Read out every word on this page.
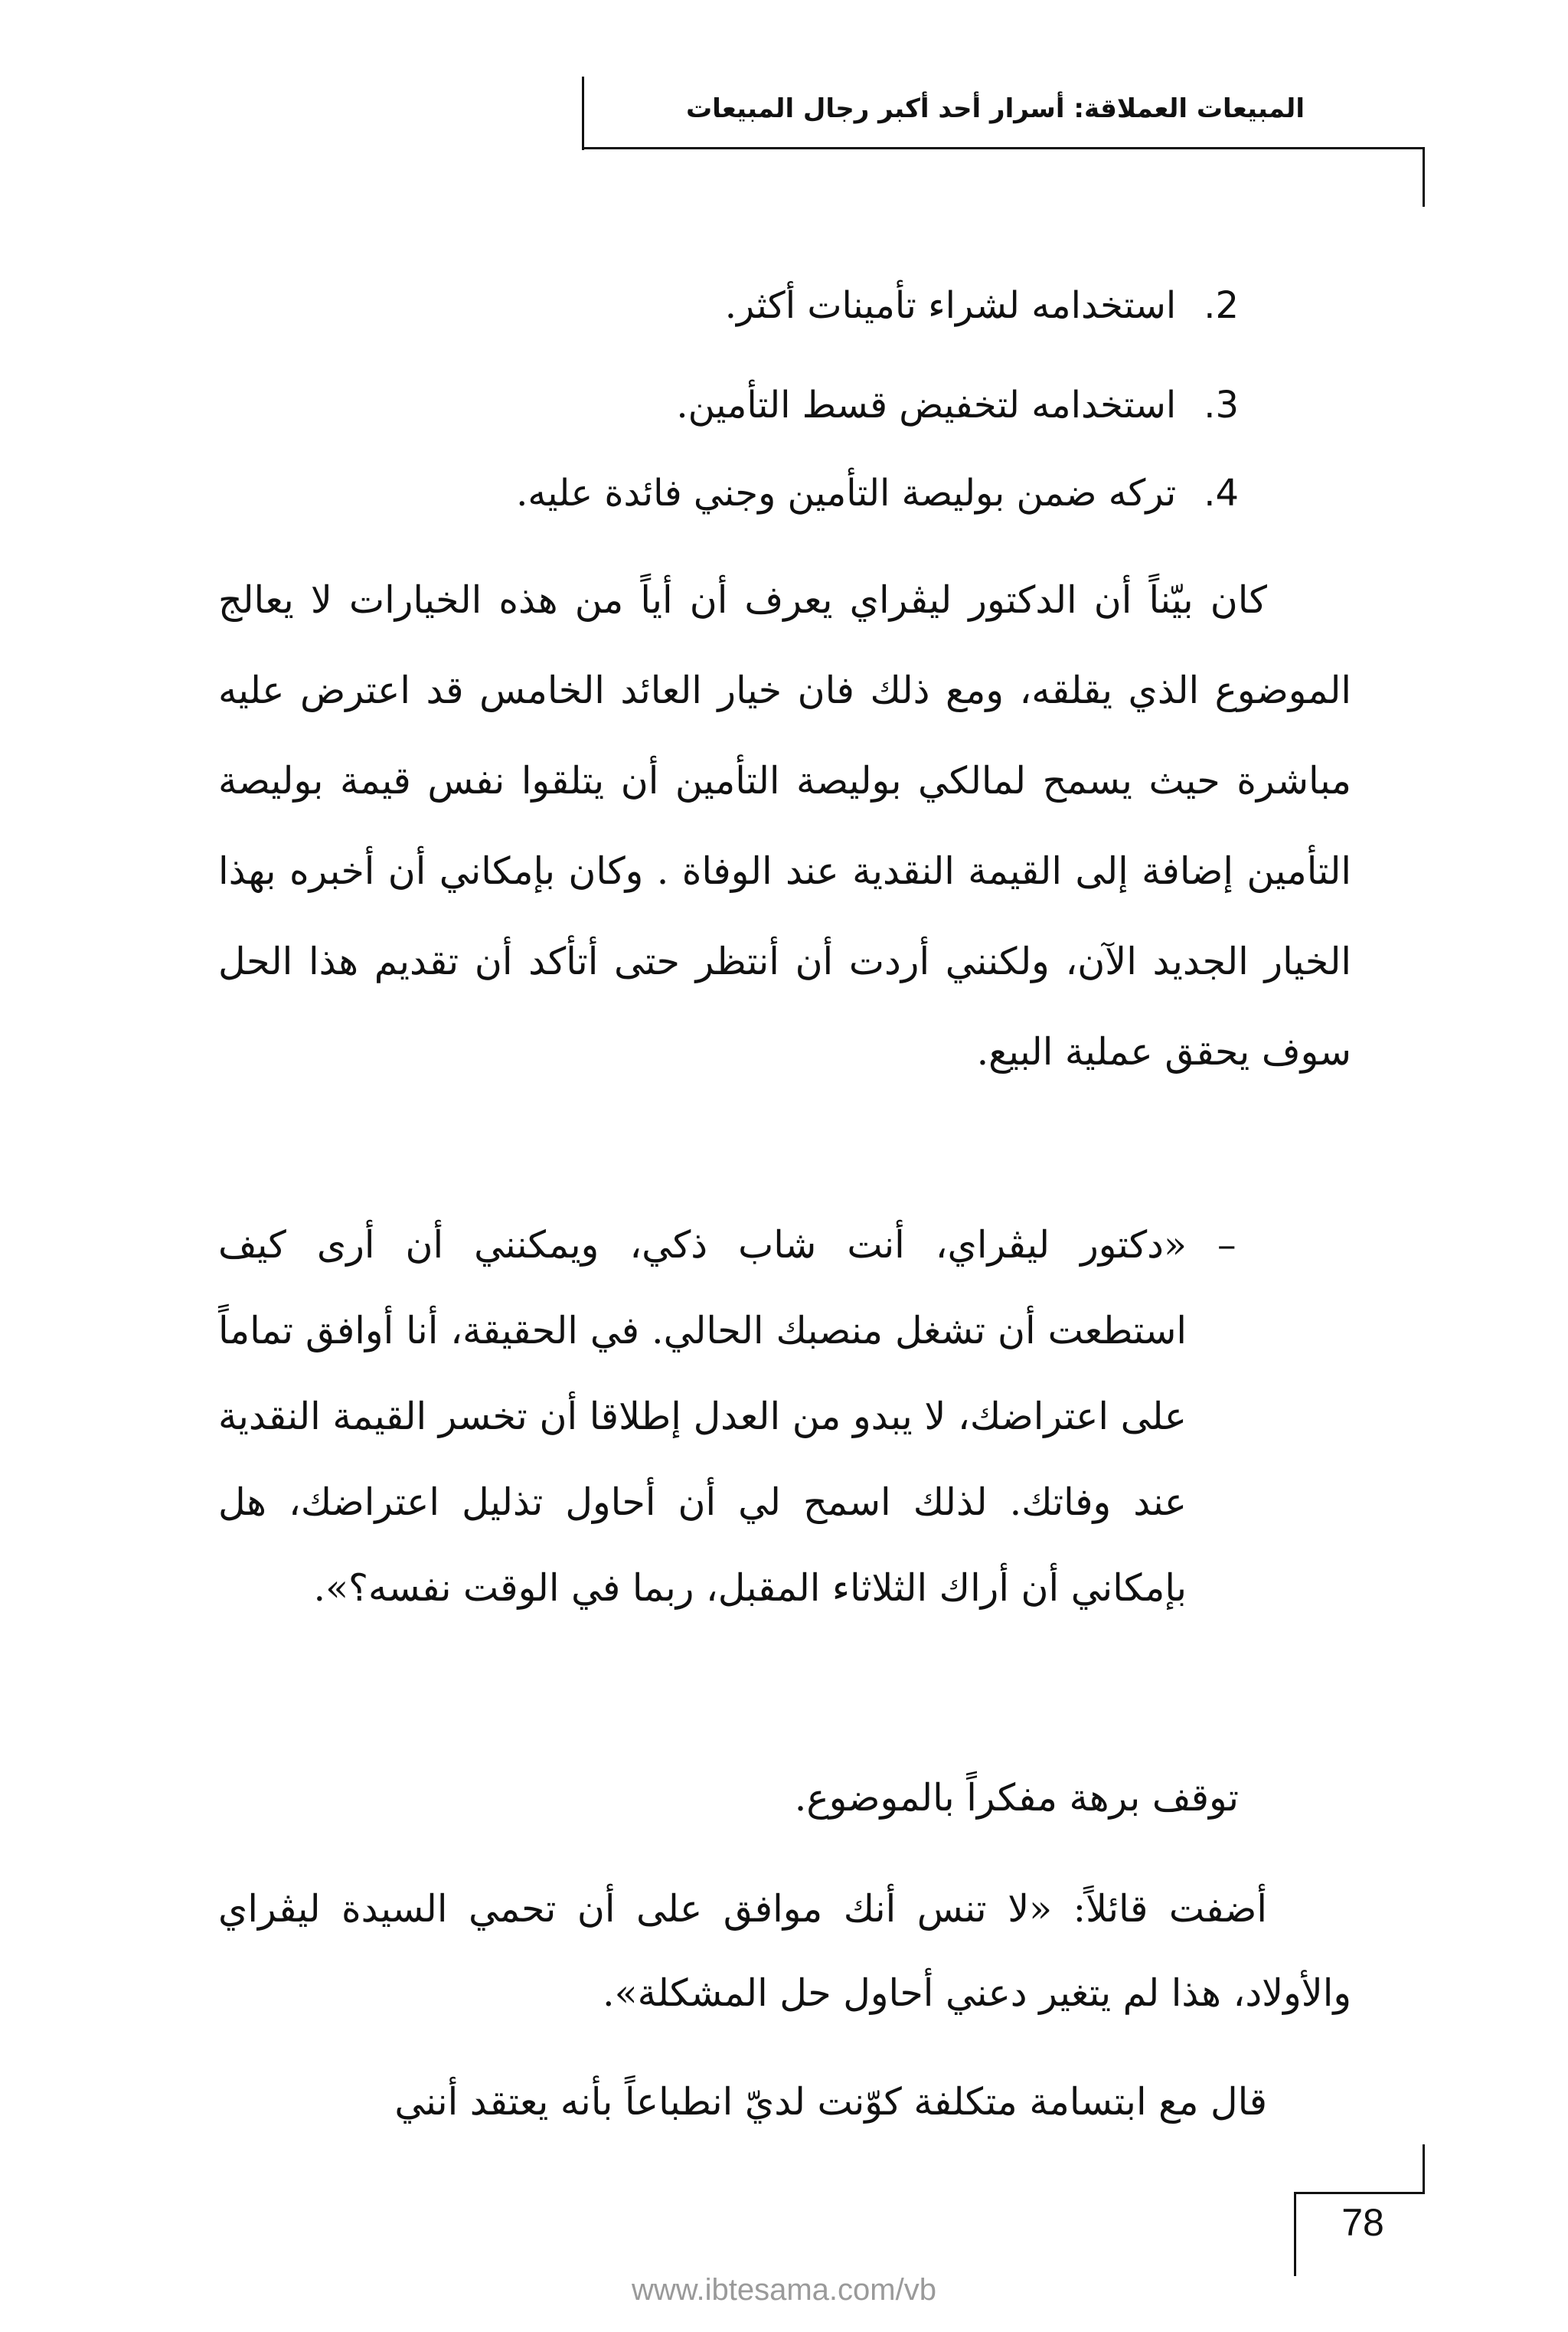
المبيعات العملاقة: أسرار أحد أكبر رجال المبيعات
2.استخدامه لشراء تأمينات أكثر.
3.استخدامه لتخفيض قسط التأمين.
4.تركه ضمن بوليصة التأمين وجني فائدة عليه.
كان بيّناً أن الدكتور ليڤراي يعرف أن أياً من هذه الخيارات لا يعالج الموضوع الذي يقلقه، ومع ذلك فان خيار العائد الخامس قد اعترض عليه مباشرة حيث يسمح لمالكي بوليصة التأمين أن يتلقوا نفس قيمة بوليصة التأمين إضافة إلى القيمة النقدية عند الوفاة . وكان بإمكاني أن أخبره بهذا الخيار الجديد الآن، ولكنني أردت أن أنتظر حتى أتأكد أن تقديم هذا الحل سوف يحقق عملية البيع.
–
«دكتور ليڤراي، أنت شاب ذكي، ويمكنني أن أرى كيف استطعت أن تشغل منصبك الحالي. في الحقيقة، أنا أوافق تماماً على اعتراضك، لا يبدو من العدل إطلاقا أن تخسر القيمة النقدية عند وفاتك. لذلك اسمح لي أن أحاول تذليل اعتراضك، هل بإمكاني أن أراك الثلاثاء المقبل، ربما في الوقت نفسه؟».
توقف برهة مفكراً بالموضوع.
أضفت قائلاً: «لا تنس أنك موافق على أن تحمي السيدة ليڤراي والأولاد، هذا لم يتغير دعني أحاول حل المشكلة».
قال مع ابتسامة متكلفة كوّنت لديّ انطباعاً بأنه يعتقد أنني
78
www.ibtesama.com/vb
